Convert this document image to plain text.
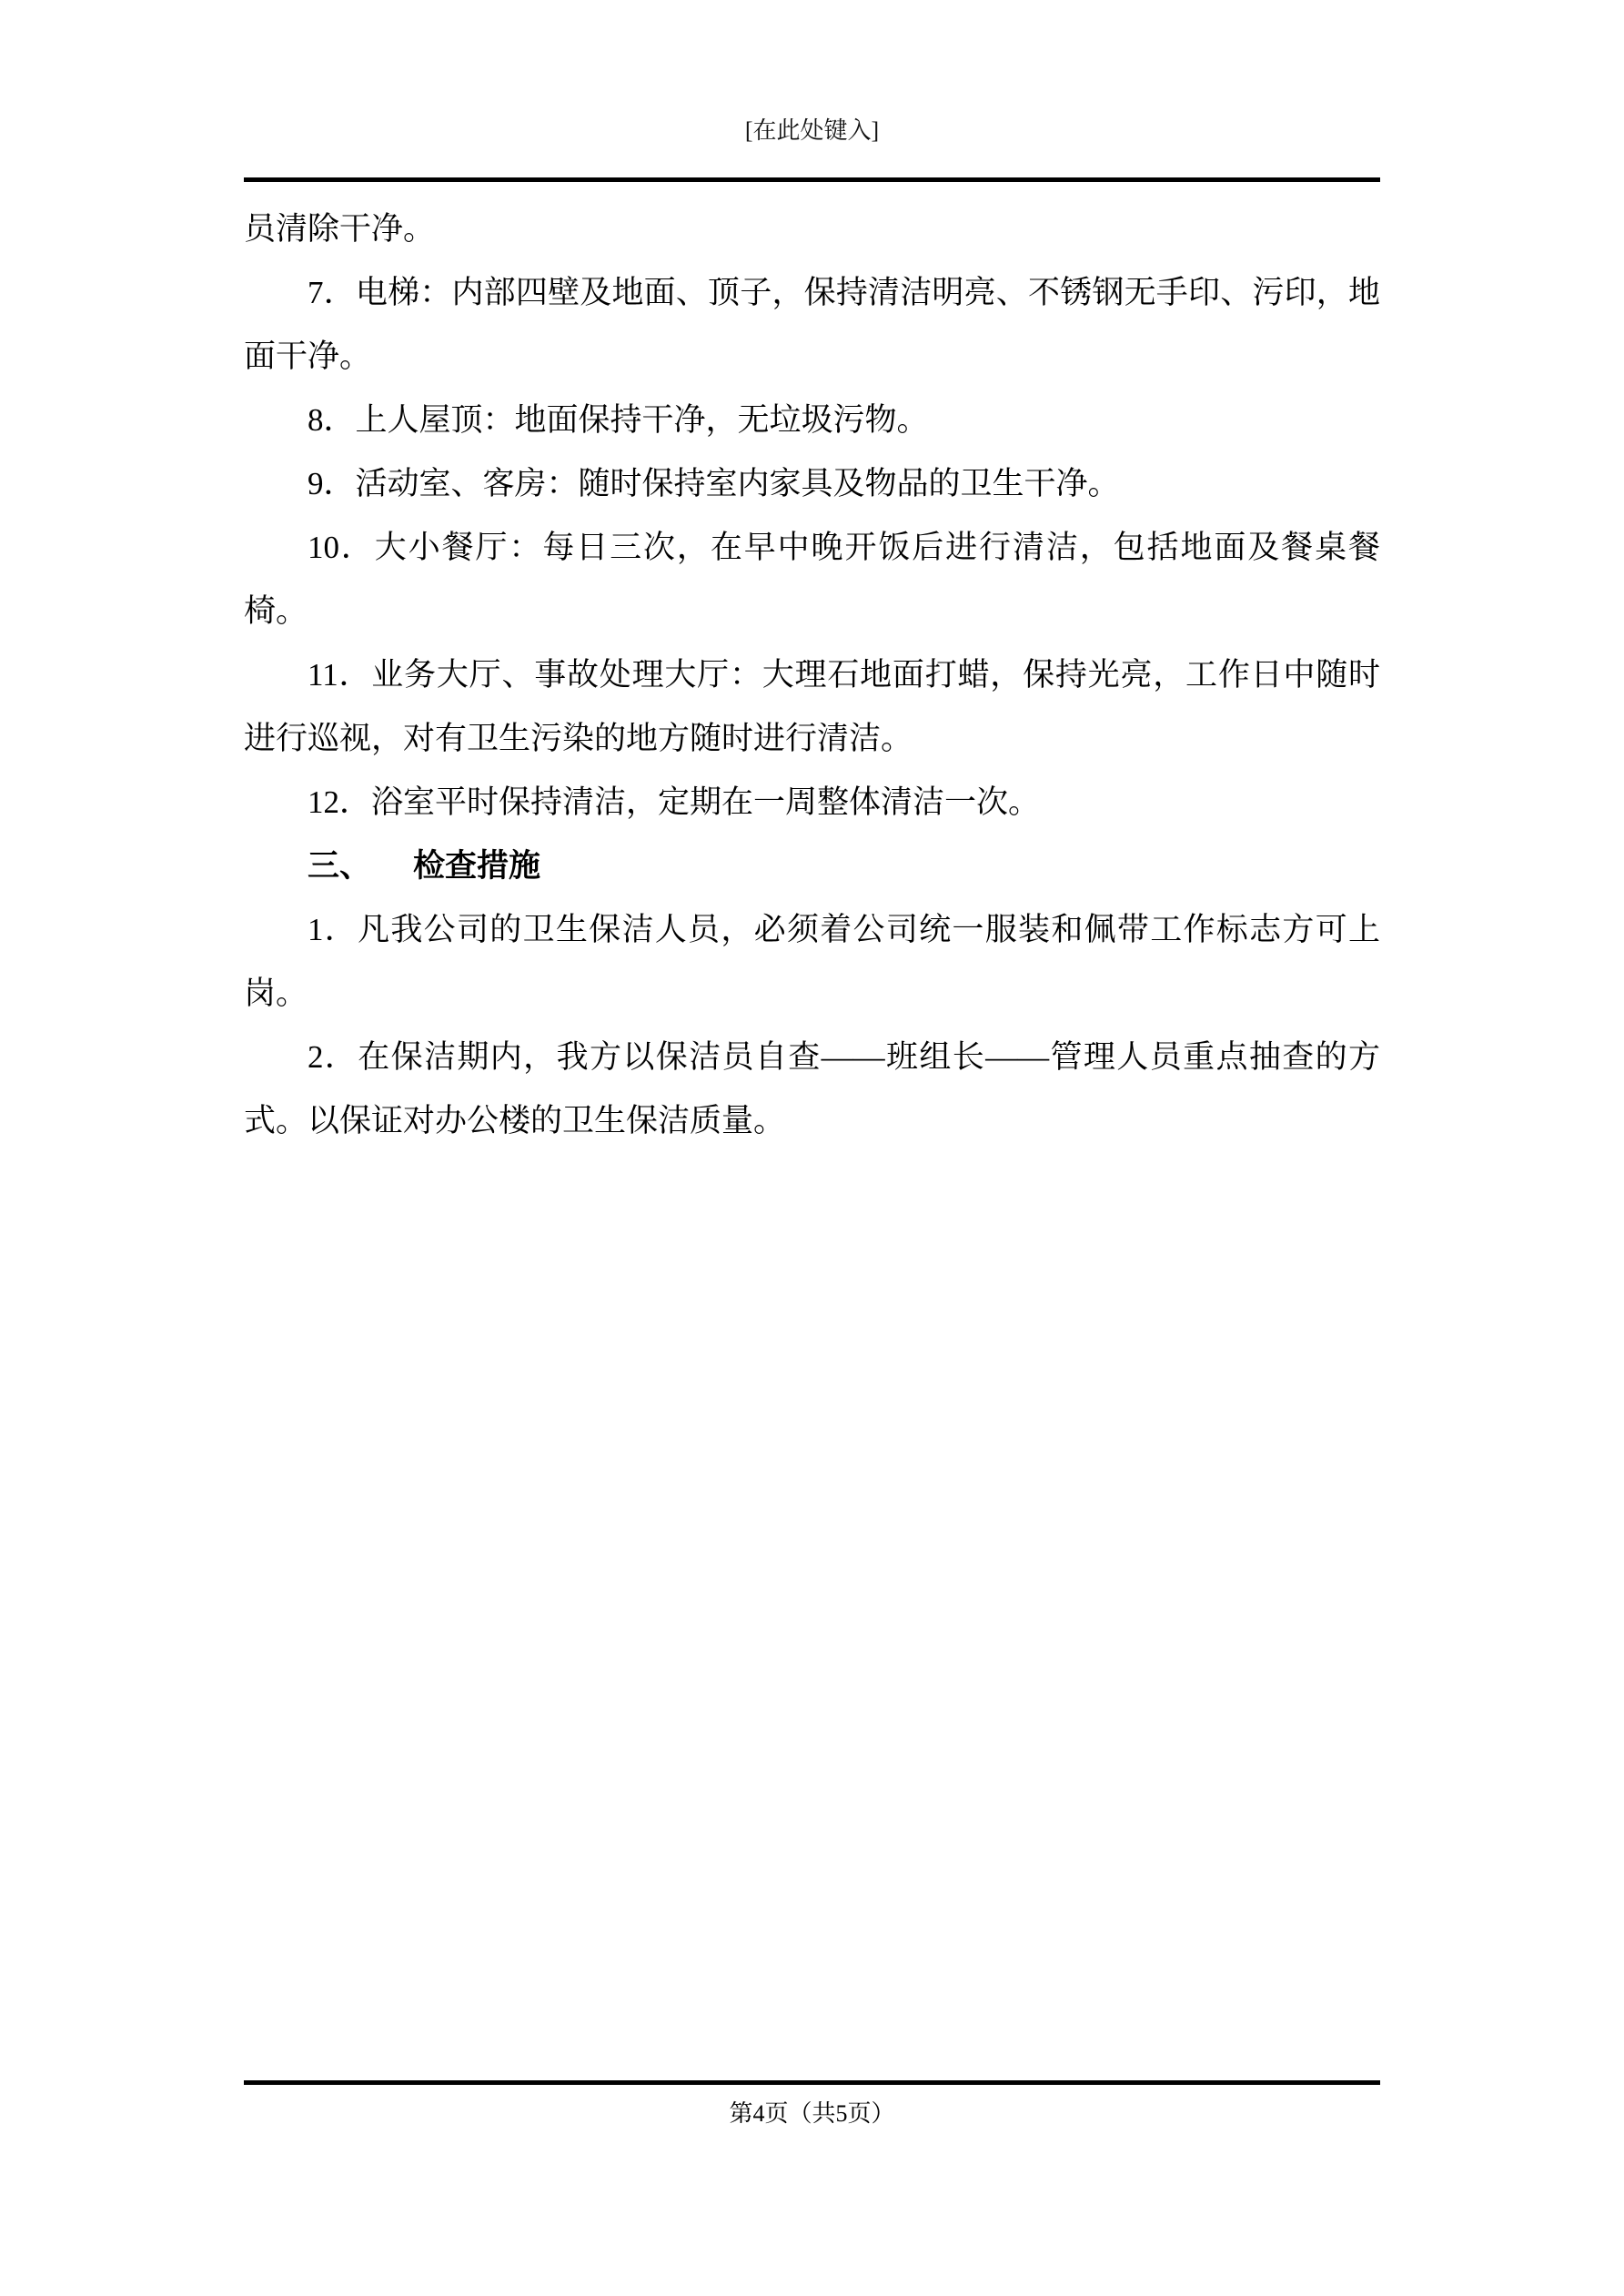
[在此处键入]

员清除干净。

7．电梯：内部四壁及地面、顶子，保持清洁明亮、不锈钢无手印、污印，地面干净。

8．上人屋顶：地面保持干净，无垃圾污物。

9．活动室、客房：随时保持室内家具及物品的卫生干净。

10．大小餐厅：每日三次，在早中晚开饭后进行清洁，包括地面及餐桌餐椅。

11．业务大厅、事故处理大厅：大理石地面打蜡，保持光亮，工作日中随时进行巡视，对有卫生污染的地方随时进行清洁。

12．浴室平时保持清洁，定期在一周整体清洁一次。

三、 检查措施

1．凡我公司的卫生保洁人员，必须着公司统一服装和佩带工作标志方可上岗。

2．在保洁期内，我方以保洁员自查——班组长——管理人员重点抽查的方式。以保证对办公楼的卫生保洁质量。

第4页（共5页）
